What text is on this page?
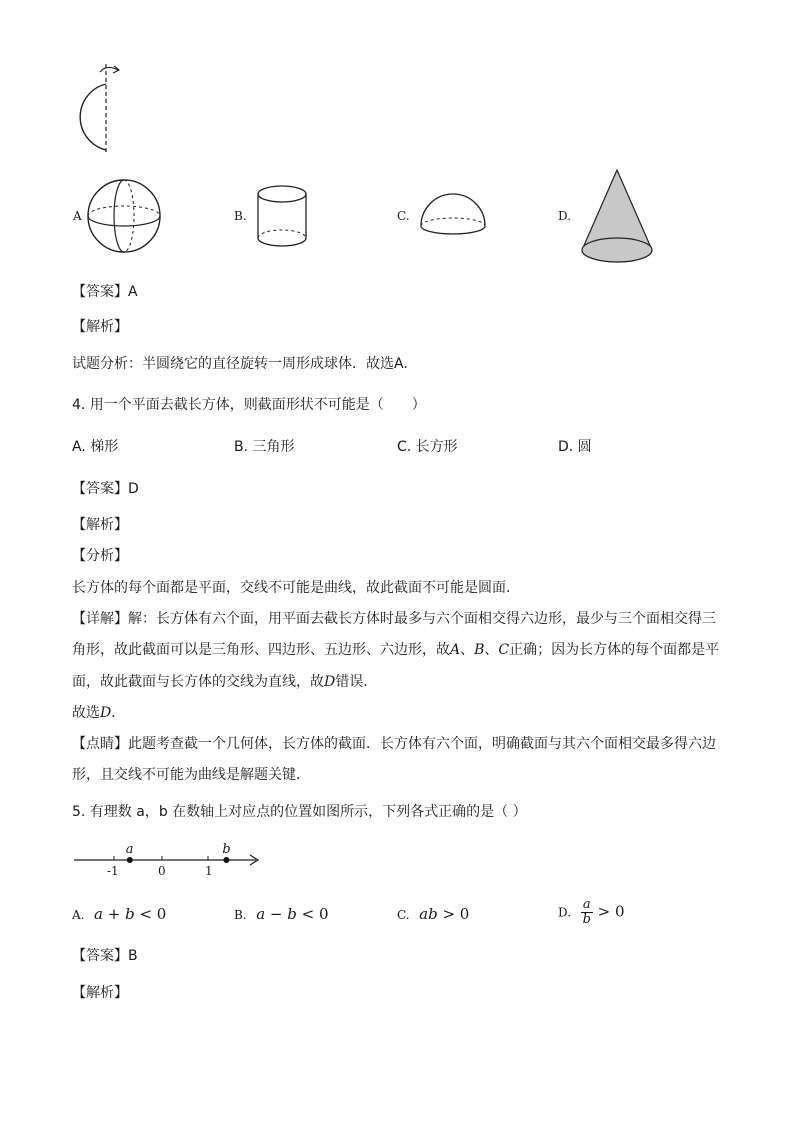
A	B.	C.	D.
【答案】A
【解析】
试题分析：半圆绕它的直径旋转一周形成球体．故选A.
4. 用一个平面去截长方体，则截面形状不可能是（　　）
A. 梯形	B. 三角形	C. 长方形	D. 圆
【答案】D
【解析】
【分析】
长方体的每个面都是平面，交线不可能是曲线，故此截面不可能是圆面．
【详解】解：长方体有六个面，用平面去截长方体时最多与六个面相交得六边形，最少与三个面相交得三
角形，故此截面可以是三角形、四边形、五边形、六边形，故A、B、C正确；因为长方体的每个面都是平
面，故此截面与长方体的交线为直线，故D错误．
故选D．
【点睛】此题考查截一个几何体，长方体的截面．长方体有六个面，明确截面与其六个面相交最多得六边
形，且交线不可能为曲线是解题关键．
5. 有理数 a，b 在数轴上对应点的位置如图所示，下列各式正确的是（ ）
a	b
-1	0	1
A. a + b < 0	B. a − b < 0	C. ab > 0	D. $\frac{a}{b} > 0$
【答案】B
【解析】
